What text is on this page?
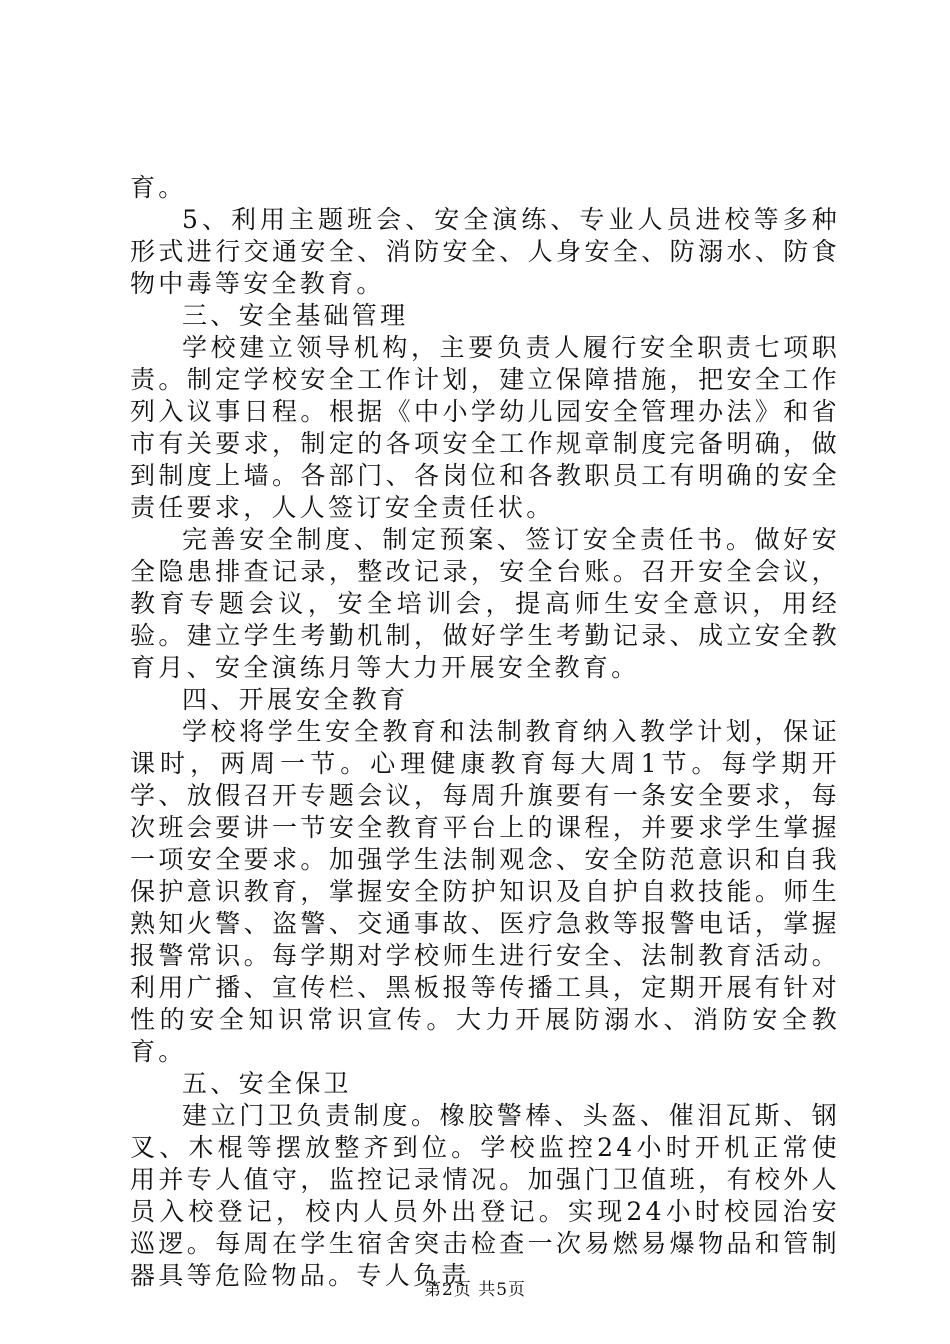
育。

5、利用主题班会、安全演练、专业人员进校等多种形式进行交通安全、消防安全、人身安全、防溺水、防食物中毒等安全教育。

三、安全基础管理

学校建立领导机构，主要负责人履行安全职责七项职责。制定学校安全工作计划，建立保障措施，把安全工作列入议事日程。根据《中小学幼儿园安全管理办法》和省市有关要求，制定的各项安全工作规章制度完备明确，做到制度上墙。各部门、各岗位和各教职员工有明确的安全责任要求，人人签订安全责任状。

完善安全制度、制定预案、签订安全责任书。做好安全隐患排查记录，整改记录，安全台账。召开安全会议，教育专题会议，安全培训会，提高师生安全意识，用经验。建立学生考勤机制，做好学生考勤记录、成立安全教育月、安全演练月等大力开展安全教育。

四、开展安全教育

学校将学生安全教育和法制教育纳入教学计划，保证课时，两周一节。心理健康教育每大周1节。每学期开学、放假召开专题会议，每周升旗要有一条安全要求，每次班会要讲一节安全教育平台上的课程，并要求学生掌握一项安全要求。加强学生法制观念、安全防范意识和自我保护意识教育，掌握安全防护知识及自护自救技能。师生熟知火警、盗警、交通事故、医疗急救等报警电话，掌握报警常识。每学期对学校师生进行安全、法制教育活动。利用广播、宣传栏、黑板报等传播工具，定期开展有针对性的安全知识常识宣传。大力开展防溺水、消防安全教育。

五、安全保卫

建立门卫负责制度。橡胶警棒、头盔、催泪瓦斯、钢叉、木棍等摆放整齐到位。学校监控24小时开机正常使用并专人值守，监控记录情况。加强门卫值班，有校外人员入校登记，校内人员外出登记。实现24小时校园治安巡逻。每周在学生宿舍突击检查一次易燃易爆物品和管制器具等危险物品。专人负责

第2页 共5页
